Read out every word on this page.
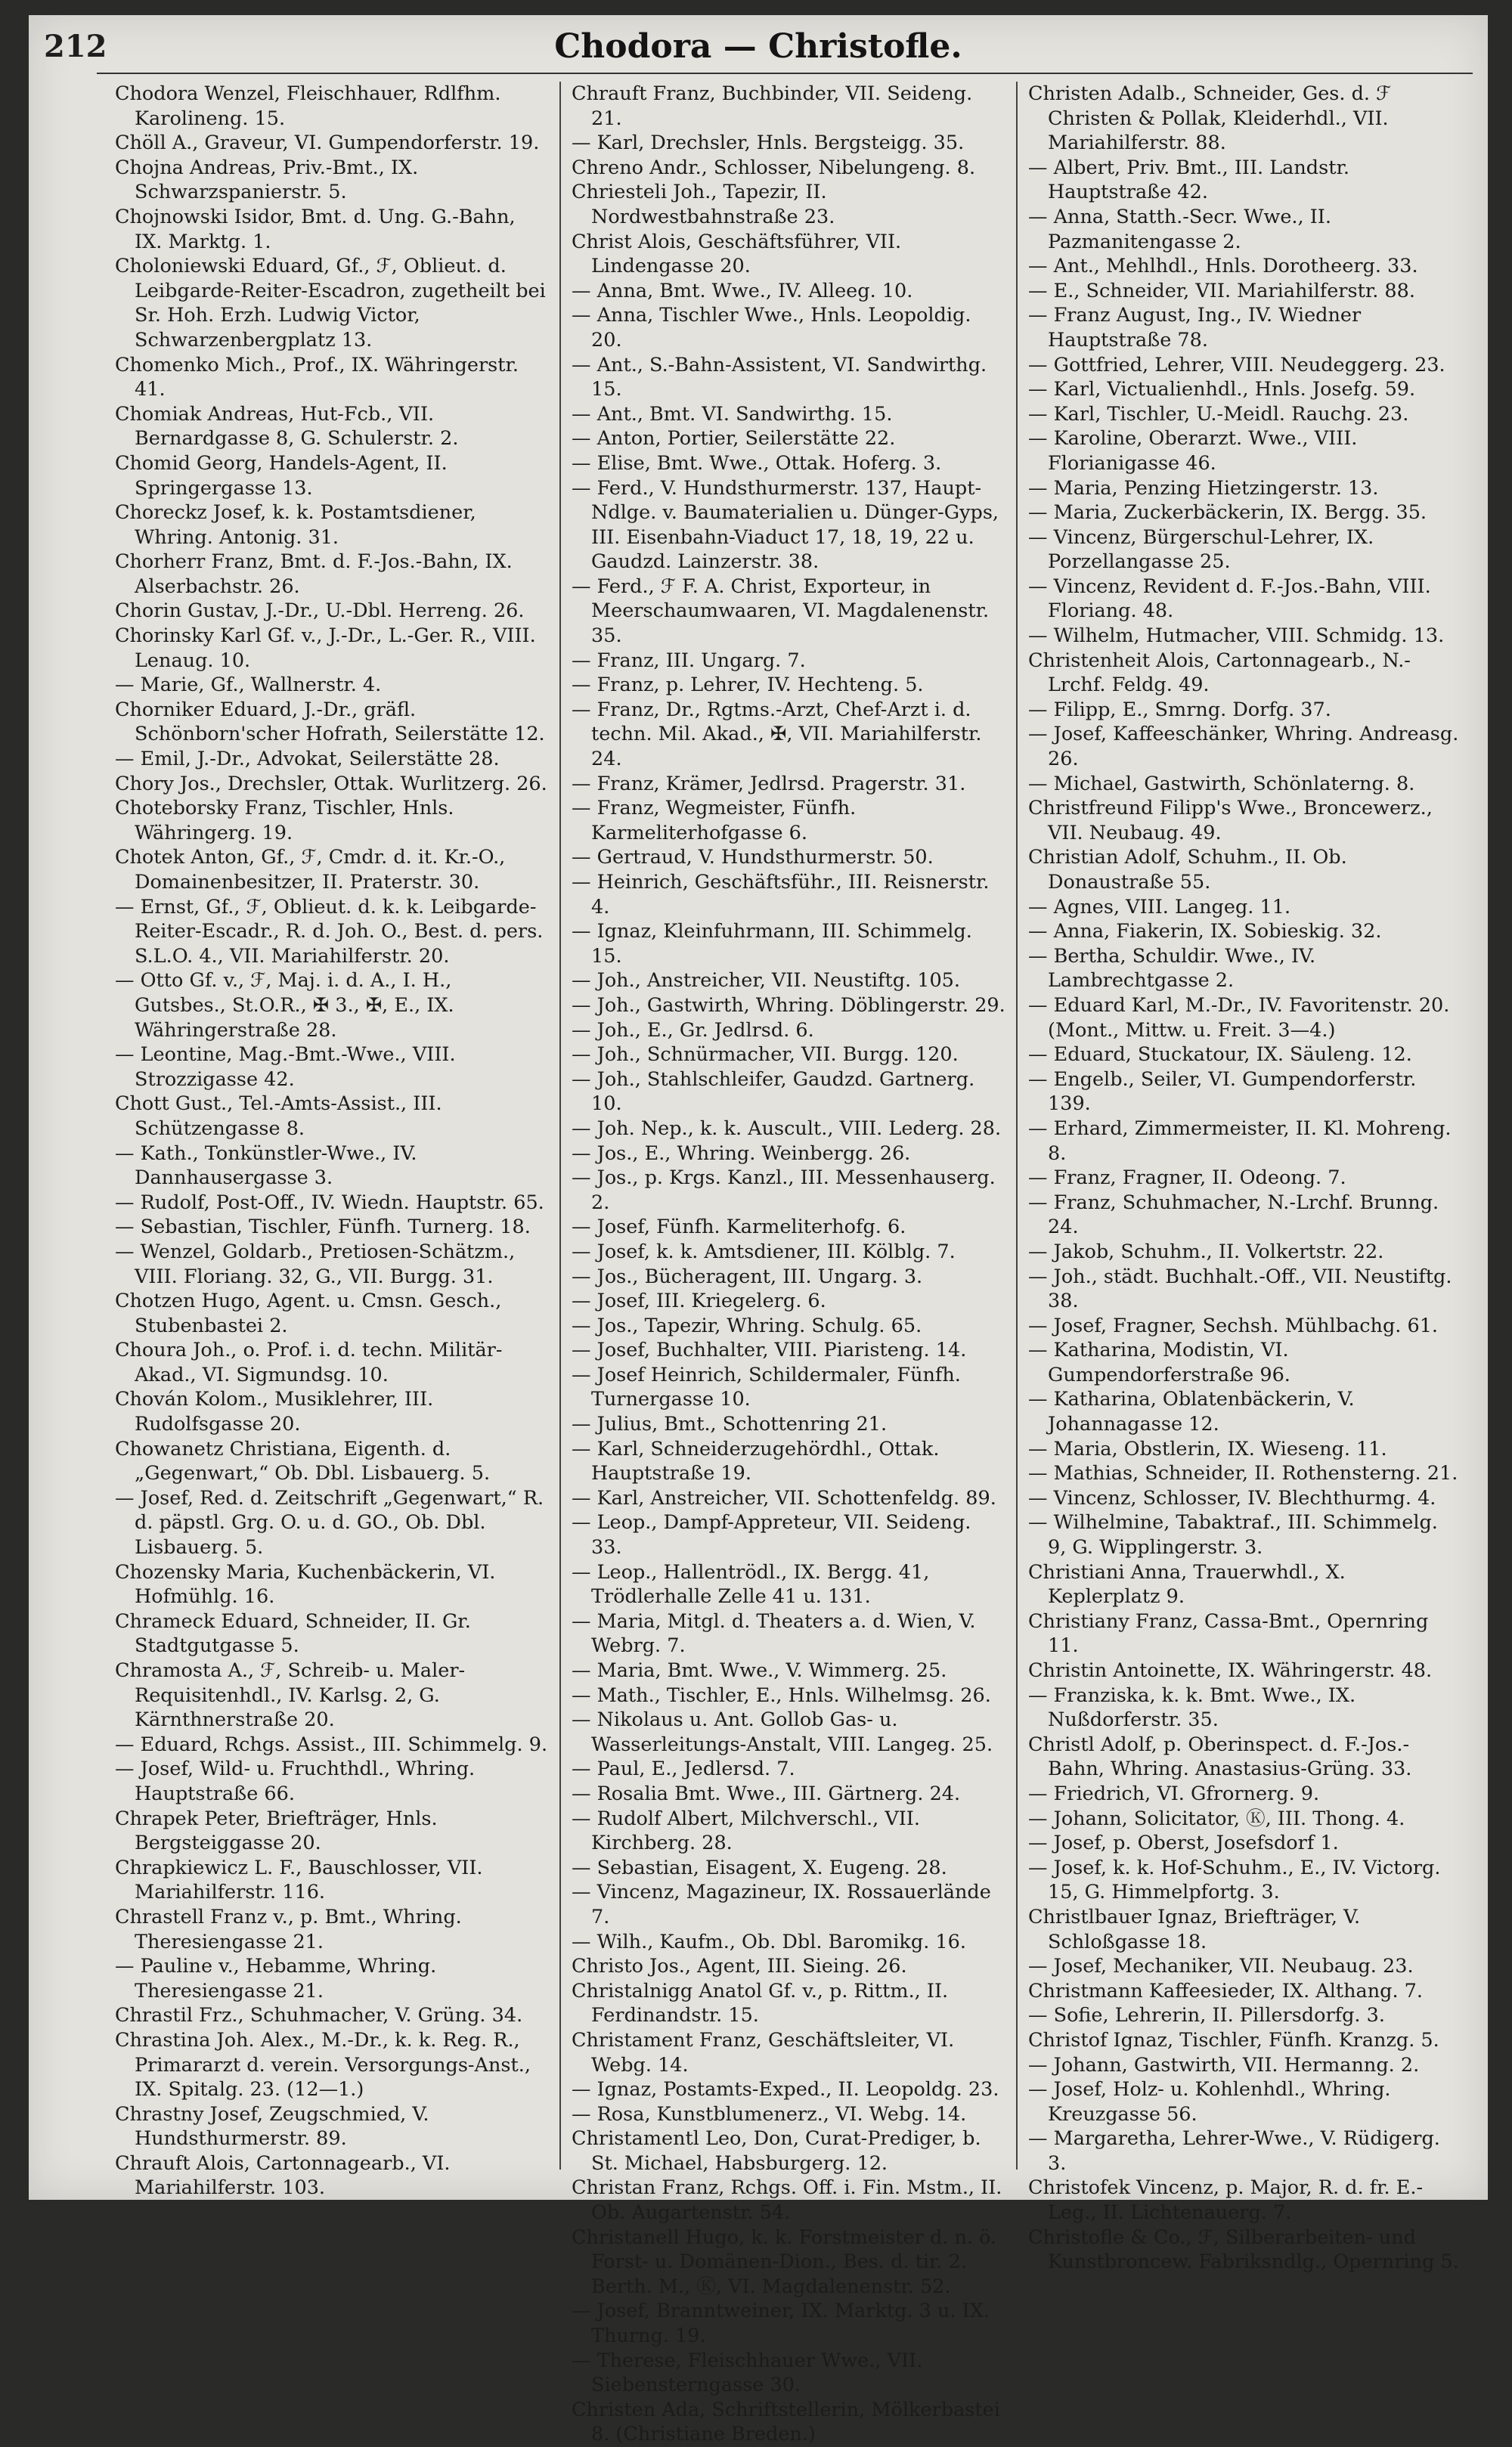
212	Chodora — Christofle.

Chodora Wenzel, Fleischhauer, Rdlfhm. Karolineng. 15.

Chöll A., Graveur, VI. Gumpendorferstr. 19.

Chojna Andreas, Priv.-Bmt., IX. Schwarzspanierstr. 5.

Chojnowski Isidor, Bmt. d. Ung. G.-Bahn, IX. Marktg. 1.

Choloniewski Eduard, Gf., ℱ, Oblieut. d. Leibgarde-Reiter-Escadron, zugetheilt bei Sr. Hoh. Erzh. Ludwig Victor, Schwarzenbergplatz 13.

Chomenko Mich., Prof., IX. Währingerstr. 41.

Chomiak Andreas, Hut-Fcb., VII. Bernardgasse 8, G. Schulerstr. 2.

Chomid Georg, Handels-Agent, II. Springergasse 13.

Choreckz Josef, k. k. Postamtsdiener, Whring. Antonig. 31.

Chorherr Franz, Bmt. d. F.-Jos.-Bahn, IX. Alserbachstr. 26.

Chorin Gustav, J.-Dr., U.-Dbl. Herreng. 26.

Chorinsky Karl Gf. v., J.-Dr., L.-Ger. R., VIII. Lenaug. 10.

— Marie, Gf., Wallnerstr. 4.

Chorniker Eduard, J.-Dr., gräfl. Schönborn'scher Hofrath, Seilerstätte 12.

— Emil, J.-Dr., Advokat, Seilerstätte 28.

Chory Jos., Drechsler, Ottak. Wurlitzerg. 26.

Choteborsky Franz, Tischler, Hnls. Währingerg. 19.

Chotek Anton, Gf., ℱ, Cmdr. d. it. Kr.-O., Domainenbesitzer, II. Praterstr. 30.

— Ernst, Gf., ℱ, Oblieut. d. k. k. Leibgarde-Reiter-Escadr., R. d. Joh. O., Best. d. pers. S.L.O. 4., VII. Mariahilferstr. 20.

— Otto Gf. v., ℱ, Maj. i. d. A., I. H., Gutsbes., St.O.R., ✠ 3., ✠, E., IX. Währingerstraße 28.

— Leontine, Mag.-Bmt.-Wwe., VIII. Strozzigasse 42.

Chott Gust., Tel.-Amts-Assist., III. Schützengasse 8.

— Kath., Tonkünstler-Wwe., IV. Dannhausergasse 3.

— Rudolf, Post-Off., IV. Wiedn. Hauptstr. 65.

— Sebastian, Tischler, Fünfh. Turnerg. 18.

— Wenzel, Goldarb., Pretiosen-Schätzm., VIII. Floriang. 32, G., VII. Burgg. 31.

Chotzen Hugo, Agent. u. Cmsn. Gesch., Stubenbastei 2.

Choura Joh., o. Prof. i. d. techn. Militär-Akad., VI. Sigmundsg. 10.

Chován Kolom., Musiklehrer, III. Rudolfsgasse 20.

Chowanetz Christiana, Eigenth. d. „Gegenwart,“ Ob. Dbl. Lisbauerg. 5.

— Josef, Red. d. Zeitschrift „Gegenwart,“ R. d. päpstl. Grg. O. u. d. GO., Ob. Dbl. Lisbauerg. 5.

Chozensky Maria, Kuchenbäckerin, VI. Hofmühlg. 16.

Chrameck Eduard, Schneider, II. Gr. Stadtgutgasse 5.

Chramosta A., ℱ, Schreib- u. Maler-Requisitenhdl., IV. Karlsg. 2, G. Kärnthnerstraße 20.

— Eduard, Rchgs. Assist., III. Schimmelg. 9.

— Josef, Wild- u. Fruchthdl., Whring. Hauptstraße 66.

Chrapek Peter, Briefträger, Hnls. Bergsteiggasse 20.

Chrapkiewicz L. F., Bauschlosser, VII. Mariahilferstr. 116.

Chrastell Franz v., p. Bmt., Whring. Theresiengasse 21.

— Pauline v., Hebamme, Whring. Theresiengasse 21.

Chrastil Frz., Schuhmacher, V. Grüng. 34.

Chrastina Joh. Alex., M.-Dr., k. k. Reg. R., Primararzt d. verein. Versorgungs-Anst., IX. Spitalg. 23. (12—1.)

Chrastny Josef, Zeugschmied, V. Hundsthurmerstr. 89.

Chrauft Alois, Cartonnagearb., VI. Mariahilferstr. 103.

Chrauft Franz, Buchbinder, VII. Seideng. 21.

— Karl, Drechsler, Hnls. Bergsteigg. 35.

Chreno Andr., Schlosser, Nibelungeng. 8.

Chriesteli Joh., Tapezir, II. Nordwestbahnstraße 23.

Christ Alois, Geschäftsführer, VII. Lindengasse 20.

— Anna, Bmt. Wwe., IV. Alleeg. 10.

— Anna, Tischler Wwe., Hnls. Leopoldig. 20.

— Ant., S.-Bahn-Assistent, VI. Sandwirthg. 15.

— Ant., Bmt. VI. Sandwirthg. 15.

— Anton, Portier, Seilerstätte 22.

— Elise, Bmt. Wwe., Ottak. Hoferg. 3.

— Ferd., V. Hundsthurmerstr. 137, Haupt-Ndlge. v. Baumaterialien u. Dünger-Gyps, III. Eisenbahn-Viaduct 17, 18, 19, 22 u. Gaudzd. Lainzerstr. 38.

— Ferd., ℱ F. A. Christ, Exporteur, in Meerschaumwaaren, VI. Magdalenenstr. 35.

— Franz, III. Ungarg. 7.

— Franz, p. Lehrer, IV. Hechteng. 5.

— Franz, Dr., Rgtms.-Arzt, Chef-Arzt i. d. techn. Mil. Akad., ✠, VII. Mariahilferstr. 24.

— Franz, Krämer, Jedlrsd. Pragerstr. 31.

— Franz, Wegmeister, Fünfh. Karmeliterhofgasse 6.

— Gertraud, V. Hundsthurmerstr. 50.

— Heinrich, Geschäftsführ., III. Reisnerstr. 4.

— Ignaz, Kleinfuhrmann, III. Schimmelg. 15.

— Joh., Anstreicher, VII. Neustiftg. 105.

— Joh., Gastwirth, Whring. Döblingerstr. 29.

— Joh., E., Gr. Jedlrsd. 6.

— Joh., Schnürmacher, VII. Burgg. 120.

— Joh., Stahlschleifer, Gaudzd. Gartnerg. 10.

— Joh. Nep., k. k. Auscult., VIII. Lederg. 28.

— Jos., E., Whring. Weinbergg. 26.

— Jos., p. Krgs. Kanzl., III. Messenhauserg. 2.

— Josef, Fünfh. Karmeliterhofg. 6.

— Josef, k. k. Amtsdiener, III. Kölblg. 7.

— Jos., Bücheragent, III. Ungarg. 3.

— Josef, III. Kriegelerg. 6.

— Jos., Tapezir, Whring. Schulg. 65.

— Josef, Buchhalter, VIII. Piaristeng. 14.

— Josef Heinrich, Schildermaler, Fünfh. Turnergasse 10.

— Julius, Bmt., Schottenring 21.

— Karl, Schneiderzugehördhl., Ottak. Hauptstraße 19.

— Karl, Anstreicher, VII. Schottenfeldg. 89.

— Leop., Dampf-Appreteur, VII. Seideng. 33.

— Leop., Hallentrödl., IX. Bergg. 41, Trödlerhalle Zelle 41 u. 131.

— Maria, Mitgl. d. Theaters a. d. Wien, V. Webrg. 7.

— Maria, Bmt. Wwe., V. Wimmerg. 25.

— Math., Tischler, E., Hnls. Wilhelmsg. 26.

— Nikolaus u. Ant. Gollob Gas- u. Wasserleitungs-Anstalt, VIII. Langeg. 25.

— Paul, E., Jedlersd. 7.

— Rosalia Bmt. Wwe., III. Gärtnerg. 24.

— Rudolf Albert, Milchverschl., VII. Kirchberg. 28.

— Sebastian, Eisagent, X. Eugeng. 28.

— Vincenz, Magazineur, IX. Rossauerlände 7.

— Wilh., Kaufm., Ob. Dbl. Baromikg. 16.

Christo Jos., Agent, III. Sieing. 26.

Christalnigg Anatol Gf. v., p. Rittm., II. Ferdinandstr. 15.

Christament Franz, Geschäftsleiter, VI. Webg. 14.

— Ignaz, Postamts-Exped., II. Leopoldg. 23.

— Rosa, Kunstblumenerz., VI. Webg. 14.

Christamentl Leo, Don, Curat-Prediger, b. St. Michael, Habsburgerg. 12.

Christan Franz, Rchgs. Off. i. Fin. Mstm., II. Ob. Augartenstr. 54.

Christanell Hugo, k. k. Forstmeister d. n. ö. Forst- u. Domänen-Dion., Bes. d. tir. 2. Berth. M., Ⓚ, VI. Magdalenenstr. 52.

— Josef, Branntweiner, IX. Marktg. 3 u. IX. Thurng. 19.

— Therese, Fleischhauer Wwe., VII. Siebensterngasse 30.

Christen Ada, Schriftstellerin, Mölkerbastei 8. (Christiane Breden.)

Christen Adalb., Schneider, Ges. d. ℱ Christen & Pollak, Kleiderhdl., VII. Mariahilferstr. 88.

— Albert, Priv. Bmt., III. Landstr. Hauptstraße 42.

— Anna, Statth.-Secr. Wwe., II. Pazmanitengasse 2.

— Ant., Mehlhdl., Hnls. Dorotheerg. 33.

— E., Schneider, VII. Mariahilferstr. 88.

— Franz August, Ing., IV. Wiedner Hauptstraße 78.

— Gottfried, Lehrer, VIII. Neudeggerg. 23.

— Karl, Victualienhdl., Hnls. Josefg. 59.

— Karl, Tischler, U.-Meidl. Rauchg. 23.

— Karoline, Oberarzt. Wwe., VIII. Florianigasse 46.

— Maria, Penzing Hietzingerstr. 13.

— Maria, Zuckerbäckerin, IX. Bergg. 35.

— Vincenz, Bürgerschul-Lehrer, IX. Porzellangasse 25.

— Vincenz, Revident d. F.-Jos.-Bahn, VIII. Floriang. 48.

— Wilhelm, Hutmacher, VIII. Schmidg. 13.

Christenheit Alois, Cartonnagearb., N.-Lrchf. Feldg. 49.

— Filipp, E., Smrng. Dorfg. 37.

— Josef, Kaffeeschänker, Whring. Andreasg. 26.

— Michael, Gastwirth, Schönlaterng. 8.

Christfreund Filipp's Wwe., Broncewerz., VII. Neubaug. 49.

Christian Adolf, Schuhm., II. Ob. Donaustraße 55.

— Agnes, VIII. Langeg. 11.

— Anna, Fiakerin, IX. Sobieskig. 32.

— Bertha, Schuldir. Wwe., IV. Lambrechtgasse 2.

— Eduard Karl, M.-Dr., IV. Favoritenstr. 20. (Mont., Mittw. u. Freit. 3—4.)

— Eduard, Stuckatour, IX. Säuleng. 12.

— Engelb., Seiler, VI. Gumpendorferstr. 139.

— Erhard, Zimmermeister, II. Kl. Mohreng. 8.

— Franz, Fragner, II. Odeong. 7.

— Franz, Schuhmacher, N.-Lrchf. Brunng. 24.

— Jakob, Schuhm., II. Volkertstr. 22.

— Joh., städt. Buchhalt.-Off., VII. Neustiftg. 38.

— Josef, Fragner, Sechsh. Mühlbachg. 61.

— Katharina, Modistin, VI. Gumpendorferstraße 96.

— Katharina, Oblatenbäckerin, V. Johannagasse 12.

— Maria, Obstlerin, IX. Wieseng. 11.

— Mathias, Schneider, II. Rothensterng. 21.

— Vincenz, Schlosser, IV. Blechthurmg. 4.

— Wilhelmine, Tabaktraf., III. Schimmelg. 9, G. Wipplingerstr. 3.

Christiani Anna, Trauerwhdl., X. Keplerplatz 9.

Christiany Franz, Cassa-Bmt., Opernring 11.

Christin Antoinette, IX. Währingerstr. 48.

— Franziska, k. k. Bmt. Wwe., IX. Nußdorferstr. 35.

Christl Adolf, p. Oberinspect. d. F.-Jos.-Bahn, Whring. Anastasius-Grüng. 33.

— Friedrich, VI. Gfrornerg. 9.

— Johann, Solicitator, Ⓚ, III. Thong. 4.

— Josef, p. Oberst, Josefsdorf 1.

— Josef, k. k. Hof-Schuhm., E., IV. Victorg. 15, G. Himmelpfortg. 3.

Christlbauer Ignaz, Briefträger, V. Schloßgasse 18.

— Josef, Mechaniker, VII. Neubaug. 23.

Christmann Kaffeesieder, IX. Althang. 7.

— Sofie, Lehrerin, II. Pillersdorfg. 3.

Christof Ignaz, Tischler, Fünfh. Kranzg. 5.

— Johann, Gastwirth, VII. Hermanng. 2.

— Josef, Holz- u. Kohlenhdl., Whring. Kreuzgasse 56.

— Margaretha, Lehrer-Wwe., V. Rüdigerg. 3.

Christofek Vincenz, p. Major, R. d. fr. E.-Leg., II. Lichtenauerg. 7.

Christofle & Co., ℱ, Silberarbeiten- und Kunstbroncew. Fabriksndlg., Opernring 5.
